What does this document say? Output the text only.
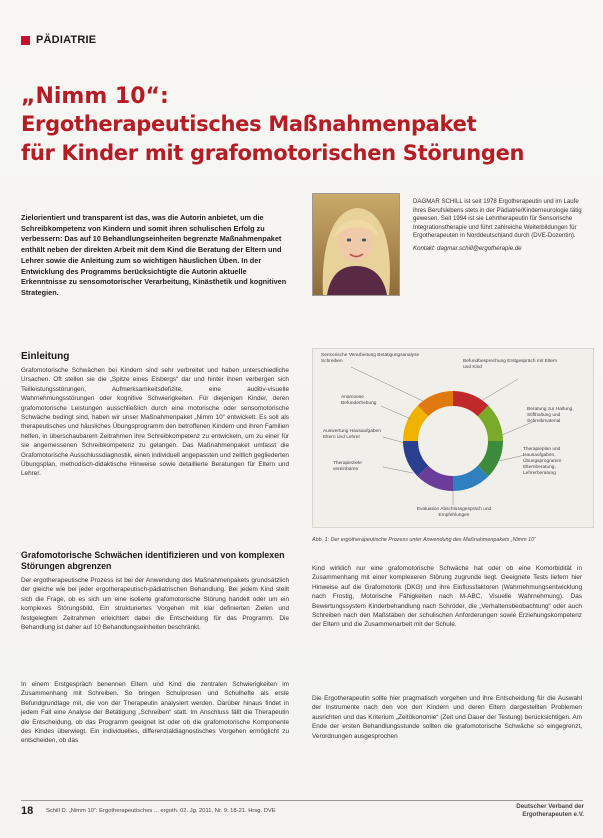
PÄDIATRIE
„Nimm 10“:
Ergotherapeutisches Maßnahmenpaket
für Kinder mit grafomotorischen Störungen
Zielorientiert und transparent ist das, was die Autorin anbietet, um die Schreibkompetenz von Kindern und somit ihren schulischen Erfolg zu verbessern: Das auf 10 Behandlungseinheiten begrenzte Maßnahmenpaket enthält neben der direkten Arbeit mit dem Kind die Beratung der Eltern und Lehrer sowie die Anleitung zum so wichtigen häuslichen Üben. In der Entwicklung des Programms berücksichtigte die Autorin aktuelle Erkenntnisse zu sensomotorischer Verarbeitung, Kinästhetik und kognitiven Strategien.
DAGMAR SCHILL ist seit 1978 Ergotherapeutin und im Laufe ihres Berufslebens stets in der Pädiatrie/Kinderneurologie tätig gewesen. Seit 1994 ist sie Lehrtherapeutin für Sensorische Integrationstherapie und führt zahlreiche Weiterbildungen für Ergotherapeuten in Norddeutschland durch (DVE-Dozentin).
Kontakt: dagmar.schill@ergotherapie.de
Einleitung
Grafomotorische Schwächen bei Kindern sind sehr verbreitet und haben unterschiedliche Ursachen. Oft stellen sie die „Spitze eines Eisbergs“ dar und hinter ihnen verbergen sich Teilleistungsstörungen, Aufmerksamkeitsdefizite, eine auditiv-visuelle Wahrnehmungsstörungen oder kognitive Schwierigkeiten. Für diejenigen Kinder, deren grafomotorische Leistungen ausschließlich durch eine motorische oder sensomotorische Schwäche bedingt sind, haben wir unser Maßnahmenpaket „Nimm 10“ entwickelt. Es soll als therapeutisches und häusliches Übungsprogramm den betroffenen Kindern und ihren Familien helfen, in überschaubarem Zeitrahmen ihre Schreibkompetenz zu entwickeln, um zu einer für sie angemessenen Schreibkompetenz zu gelangen. Das Maßnahmenpaket umfasst die Grafomotorische Ausschlussdiagnostik, einen individuell angepassten und zeitlich gegliederten Übungsplan, methodisch-didaktische Hinweise sowie detaillierte Beratungen für Eltern und Lehrer.
Grafomotorische Schwächen identifizieren und von komplexen Störungen abgrenzen
Der ergotherapeutische Prozess ist bei der Anwendung des Maßnahmenpakets grundsätzlich der gleiche wie bei jeder ergotherapeutisch-pädiatrischen Behandlung. Bei jedem Kind stellt sich die Frage, ob es sich um eine isolierte grafomotorische Störung handelt oder um ein komplexes Störungsbild. Ein strukturiertes Vorgehen mit klar definierten Zielen und festgelegtem Zeitrahmen erleichtert dabei die Entscheidung für das Programm. Die Behandlung ist daher auf 10 Behandlungseinheiten beschränkt.
In einem Erstgespräch benennen Eltern und Kind die zentralen Schwierigkeiten im Zusammenhang mit Schreiben. So bringen Schulprosen und Schulhefte als erste Befundgrundlage mit, die von der Therapeutin analysiert werden. Darüber hinaus findet in jedem Fall eine Analyse der Betätigung „Schreiben“ statt. Im Anschluss fällt die Therapeutin die Entscheidung, ob das Programm geeignet ist oder ob die grafomotorische Komponente des Kindes überwiegt. Ein individuelles, differenzialdiagnostisches Vorgehen ermöglicht zu entscheiden, ob das
Sensorische Verarbeitung Betätigungsanalyse Schreiben	Befundbesprechung Erstgespräch mit Eltern und Kind
Anamnese Befunderhebung
Auswertung Hausaufgaben Eltern und Lehrer
Therapieziele vereinbaren
Evaluation Abschlussgespräch und Empfehlungen
Beratung zur Haltung, Stifthaltung und Schreibmaterial
Therapieplan und Hausaufgaben, Übungsprogramm Elternberatung, Lehrerberatung
Abb. 1: Der ergotherapeutische Prozess unter Anwendung des Maßnahmenpakets „Nimm 10“
Kind wirklich nur eine grafomotorische Schwäche hat oder ob eine Komorbidität in Zusammenhang mit einer komplexeren Störung zugrunde liegt. Geeignete Tests liefern hier Hinweise auf die Grafomotorik (DKG) und ihre Einflussfaktoren (Wahrnehmungsentwicklung nach Frostig, Motorische Fähigkeiten nach M-ABC, Visuelle Wahrnehmung). Das Bewertungssystem Kinderbehandlung nach Schröder, die „Verhaltensbeobachtung“ oder auch Schreiben nach den Maßstäben der schulischen Anforderungen sowie Erziehungskompetenz der Eltern und die Zusammenarbeit mit der Schule.
Die Ergotherapeutin sollte hier pragmatisch vorgehen und ihre Entscheidung für die Auswahl der Instrumente nach den von den Kindern und deren Eltern dargestellten Problemen ausrichten und das Kriterium „Zeitökonomie“ (Zeit und Dauer der Testung) berücksichtigen. Am Ende der ersten Behandlungsstunde sollten die grafomotorische Schwäche so eingegrenzt, Verordnungen ausgesprochen
18 Schill D. „Nimm 10“: Ergotherapeutisches ... ergoth. 02. Jg. 2011, Nr. 9: 18-21. Hrsg. DVE
Deutscher Verband der Ergotherapeuten e.V.
